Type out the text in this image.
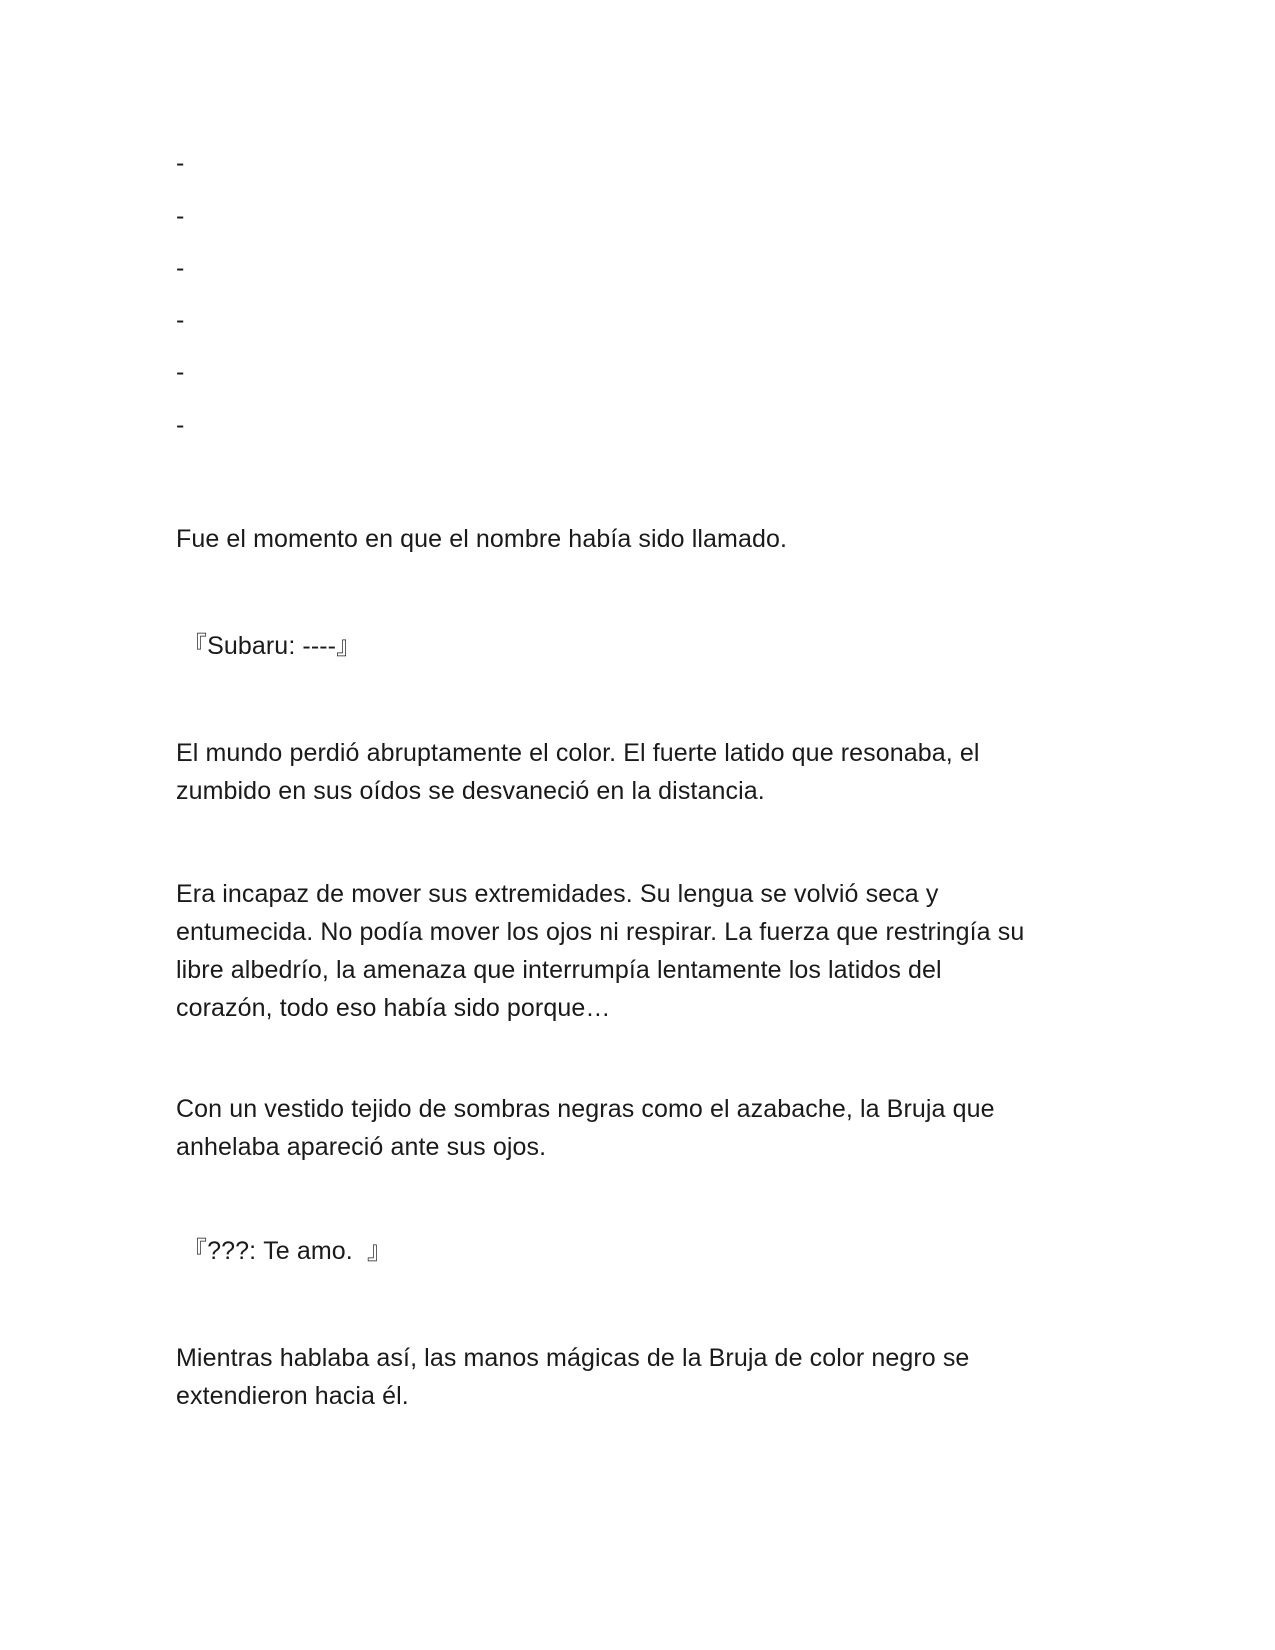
-
-
-
-
-
-
Fue el momento en que el nombre había sido llamado.
『Subaru: ----』
El mundo perdió abruptamente el color. El fuerte latido que resonaba, el
zumbido en sus oídos se desvaneció en la distancia.
Era incapaz de mover sus extremidades. Su lengua se volvió seca y
entumecida. No podía mover los ojos ni respirar. La fuerza que restringía su
libre albedrío, la amenaza que interrumpía lentamente los latidos del
corazón, todo eso había sido porque…
Con un vestido tejido de sombras negras como el azabache, la Bruja que
anhelaba apareció ante sus ojos.
『???: Te amo.  』
Mientras hablaba así, las manos mágicas de la Bruja de color negro se
extendieron hacia él.
